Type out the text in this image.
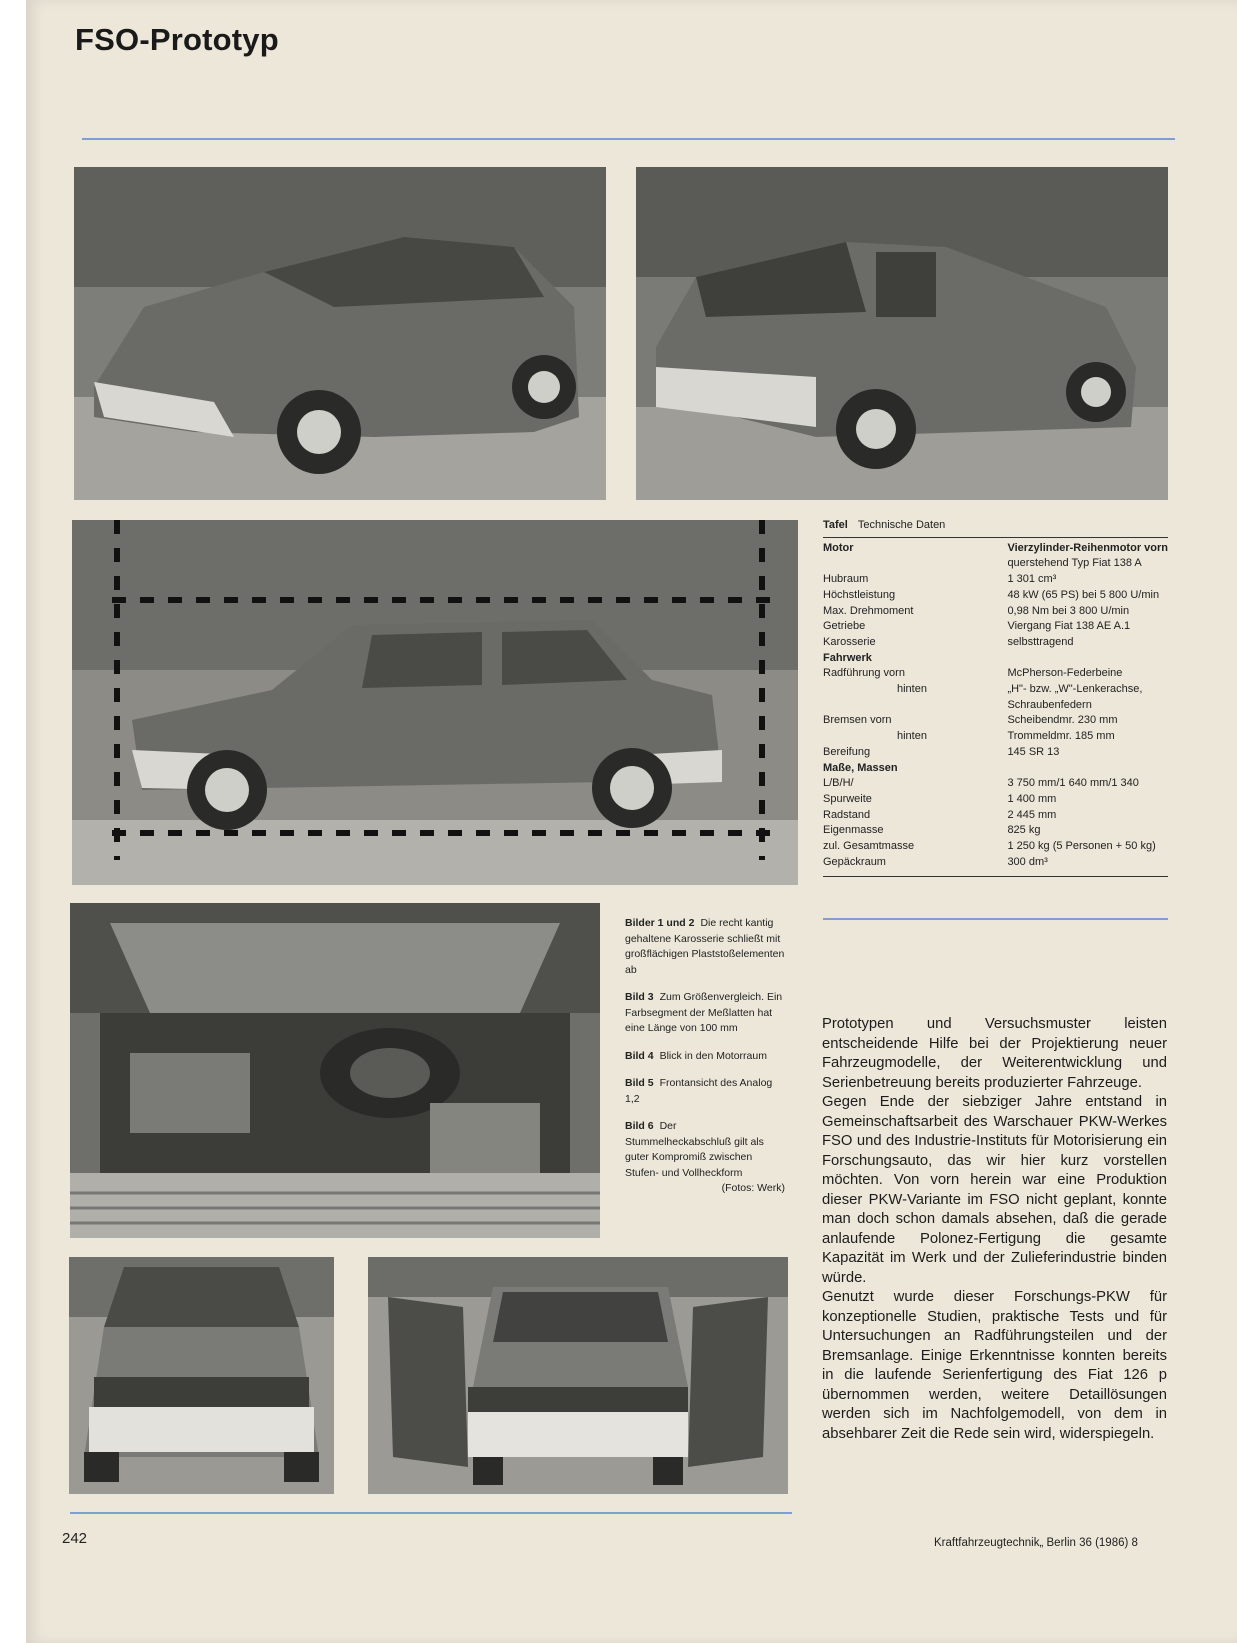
FSO-Prototyp
Tafel Technische Daten
Motor	Vierzylinder-Reihenmotor vorn
	querstehend Typ Fiat 138 A
Hubraum	1 301 cm³
Höchstleistung	48 kW (65 PS) bei 5 800 U/min
Max. Drehmoment	0,98 Nm bei 3 800 U/min
Getriebe	Viergang Fiat 138 AE A.1
Karosserie	selbsttragend
Fahrwerk	
Radführung vorn	McPherson-Federbeine
hinten	„H"- bzw. „W"-Lenkerachse,
	Schraubenfedern
Bremsen vorn	Scheibendmr. 230 mm
hinten	Trommeldmr. 185 mm
Bereifung	145 SR 13
Maße, Massen	
L/B/H/	3 750 mm/1 640 mm/1 340
Spurweite	1 400 mm
Radstand	2 445 mm
Eigenmasse	825 kg
zul. Gesamtmasse	1 250 kg (5 Personen + 50 kg)
Gepäckraum	300 dm³

Bilder 1 und 2 Die recht kantig gehaltene Karosserie schließt mit großflächigen Plaststoßelementen ab

Bild 3 Zum Größenvergleich. Ein Farbsegment der Meßlatten hat eine Länge von 100 mm

Bild 4 Blick in den Motorraum

Bild 5 Frontansicht des Analog 1,2

Bild 6 Der Stummelheckabschluß gilt als guter Kompromiß zwischen Stufen- und Vollheckform

(Fotos: Werk)

Prototypen und Versuchsmuster leisten entscheidende Hilfe bei der Projektierung neuer Fahrzeugmodelle, der Weiterentwicklung und Serienbetreuung bereits produzierter Fahrzeuge.

Gegen Ende der siebziger Jahre entstand in Gemeinschaftsarbeit des Warschauer PKW-Werkes FSO und des Industrie-Instituts für Motorisierung ein Forschungsauto, das wir hier kurz vorstellen möchten. Von vorn herein war eine Produktion dieser PKW-Variante im FSO nicht geplant, konnte man doch schon damals absehen, daß die gerade anlaufende Polonez-Fertigung die gesamte Kapazität im Werk und der Zulieferindustrie binden würde.

Genutzt wurde dieser Forschungs-PKW für konzeptionelle Studien, praktische Tests und für Untersuchungen an Radführungsteilen und der Bremsanlage. Einige Erkenntnisse konnten bereits in die laufende Serienfertigung des Fiat 126 p übernommen werden, weitere Detaillösungen werden sich im Nachfolgemodell, von dem in absehbarer Zeit die Rede sein wird, widerspiegeln.

242	Kraftfahrzeugtechnik„ Berlin 36 (1986) 8
